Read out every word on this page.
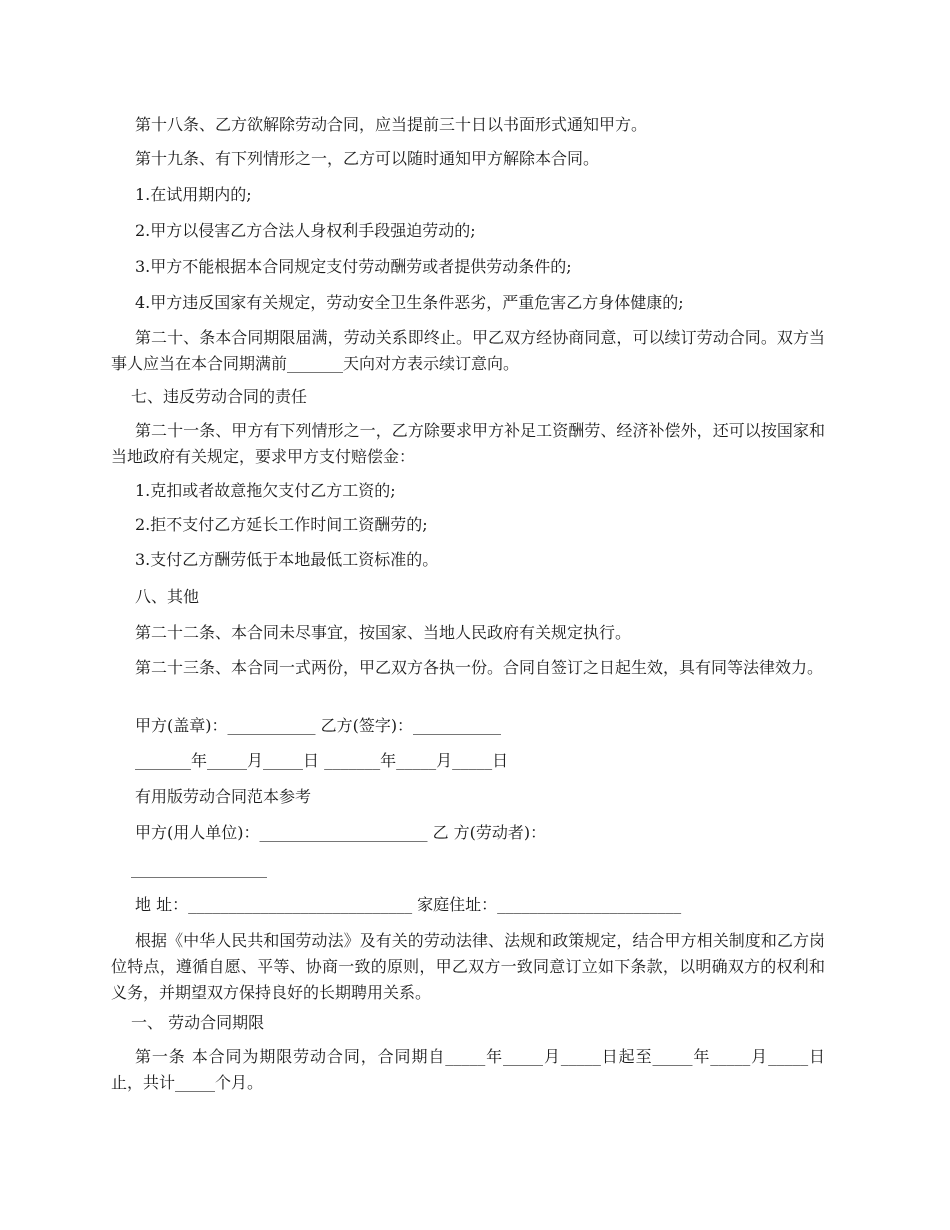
第十八条、乙方欲解除劳动合同，应当提前三十日以书面形式通知甲方。

第十九条、有下列情形之一，乙方可以随时通知甲方解除本合同。

1.在试用期内的;

2.甲方以侵害乙方合法人身权利手段强迫劳动的;

3.甲方不能根据本合同规定支付劳动酬劳或者提供劳动条件的;

4.甲方违反国家有关规定，劳动安全卫生条件恶劣，严重危害乙方身体健康的;

第二十、条本合同期限届满，劳动关系即终止。甲乙双方经协商同意，可以续订劳动合同。双方当事人应当在本合同期满前_______天向对方表示续订意向。

七、违反劳动合同的责任

第二十一条、甲方有下列情形之一，乙方除要求甲方补足工资酬劳、经济补偿外，还可以按国家和当地政府有关规定，要求甲方支付赔偿金：

1.克扣或者故意拖欠支付乙方工资的;

2.拒不支付乙方延长工作时间工资酬劳的;

3.支付乙方酬劳低于本地最低工资标准的。

八、其他

第二十二条、本合同未尽事宜，按国家、当地人民政府有关规定执行。

第二十三条、本合同一式两份，甲乙双方各执一份。合同自签订之日起生效，具有同等法律效力。

甲方(盖章)：___________ 乙方(签字)：___________

_______年_____月_____日 _______年_____月_____日

有用版劳动合同范本参考

甲方(用人单位)：_____________________ 乙 方(劳动者)：

_________________

地 址：____________________________ 家庭住址：_______________________

根据《中华人民共和国劳动法》及有关的劳动法律、法规和政策规定，结合甲方相关制度和乙方岗位特点，遵循自愿、平等、协商一致的原则，甲乙双方一致同意订立如下条款，以明确双方的权利和义务，并期望双方保持良好的长期聘用关系。

一、 劳动合同期限

第一条 本合同为期限劳动合同，合同期自_____年_____月_____日起至_____年_____月_____日止，共计_____个月。
